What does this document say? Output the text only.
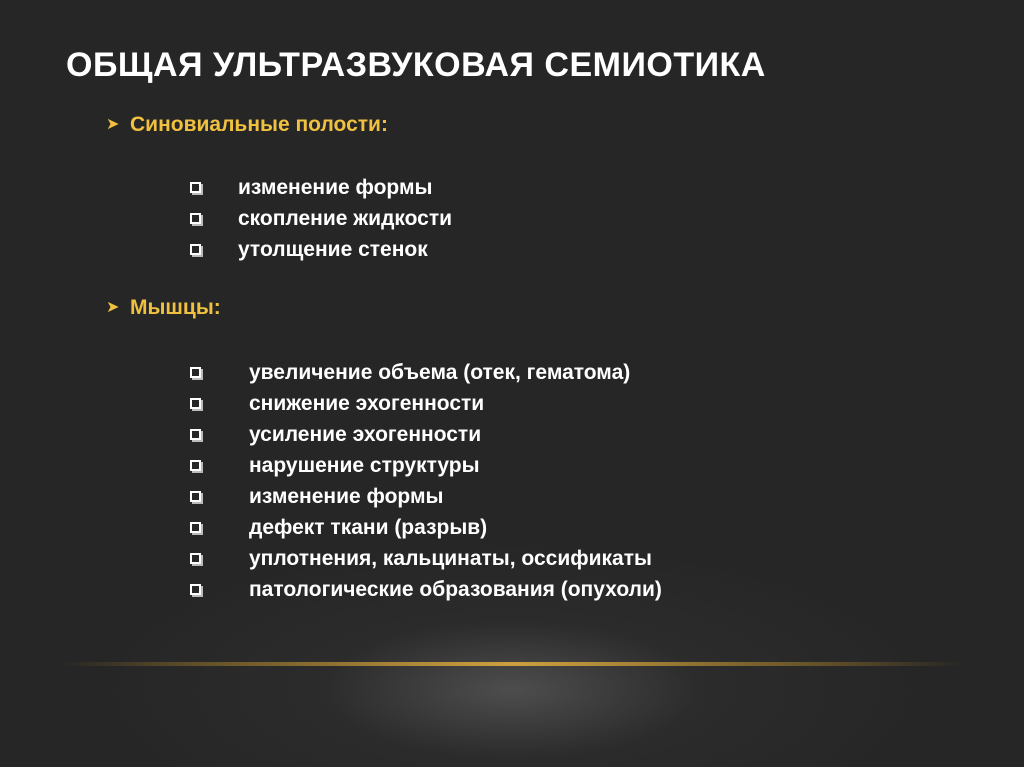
ОБЩАЯ УЛЬТРАЗВУКОВАЯ СЕМИОТИКА
➤ Синовиальные полости:
изменение формы
скопление жидкости
утолщение стенок
➤ Мышцы:
увеличение объема (отек, гематома)
снижение эхогенности
усиление эхогенности
нарушение структуры
изменение формы
дефект ткани (разрыв)
уплотнения, кальцинаты, оссификаты
патологические образования (опухоли)
